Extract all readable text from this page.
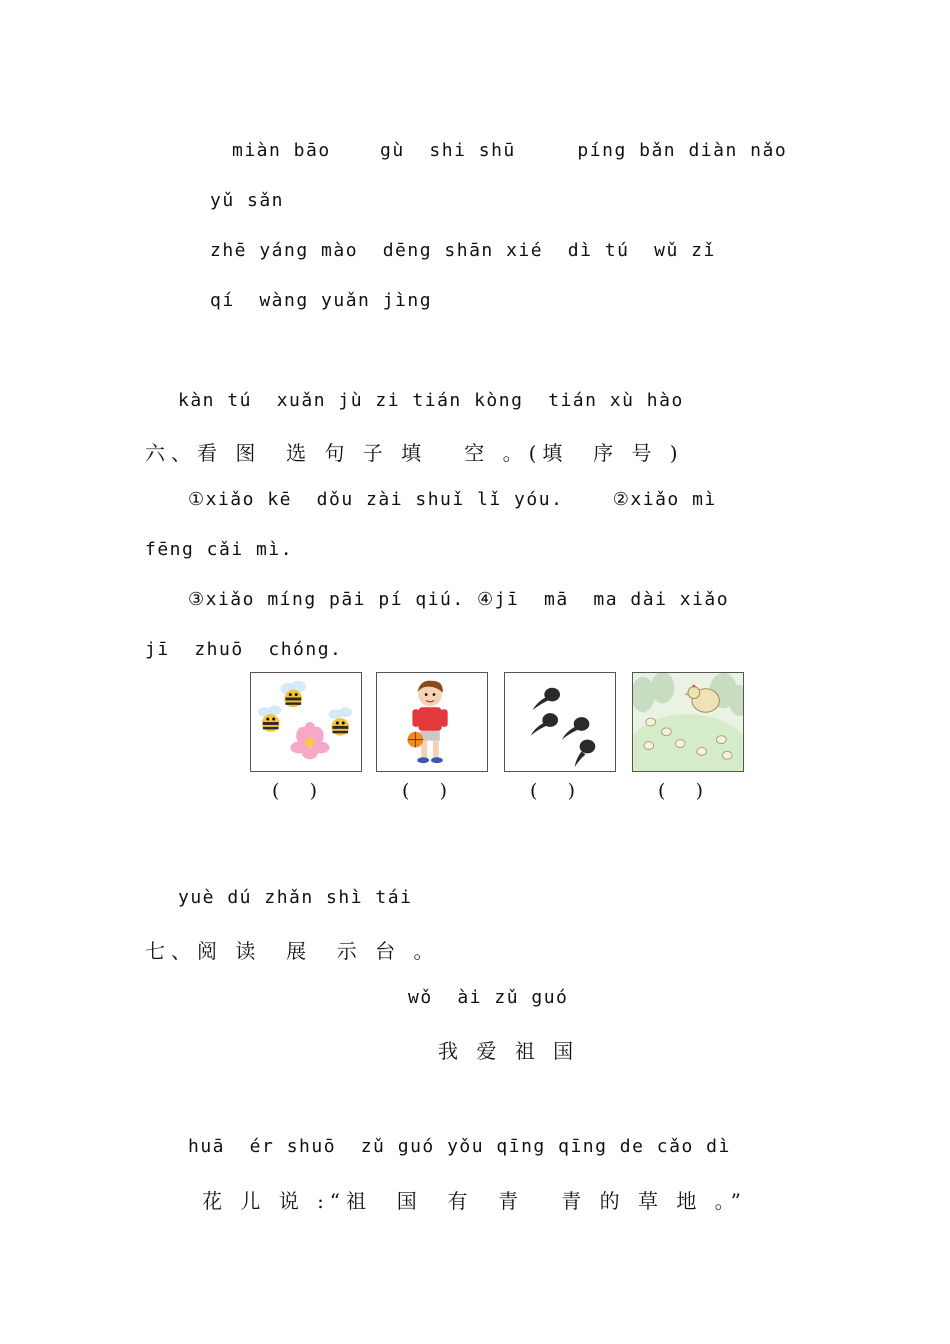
miàn bāo    gù  shi shū     píng bǎn diàn nǎo
yǔ sǎn
zhē yáng mào  dēng shān xié  dì tú  wǔ zǐ
qí  wàng yuǎn jìng
kàn tú  xuǎn jù zi tián kòng  tián xù hào
六、看 图  选 句 子 填   空 。(填  序 号 )
①xiǎo kē  dǒu zài shuǐ lǐ yóu.    ②xiǎo mì
fēng cǎi mì.
③xiǎo míng pāi pí qiú. ④jī  mā  ma dài xiǎo
jī  zhuō  chóng.
(     )	(     )	(     )	(     )
yuè dú zhǎn shì tái
七、阅 读  展  示 台 。
wǒ  ài zǔ guó
我 爱 祖 国
huā  ér shuō  zǔ guó yǒu qīng qīng de cǎo dì
花 儿 说 :“祖  国  有  青   青 的 草 地 。”
